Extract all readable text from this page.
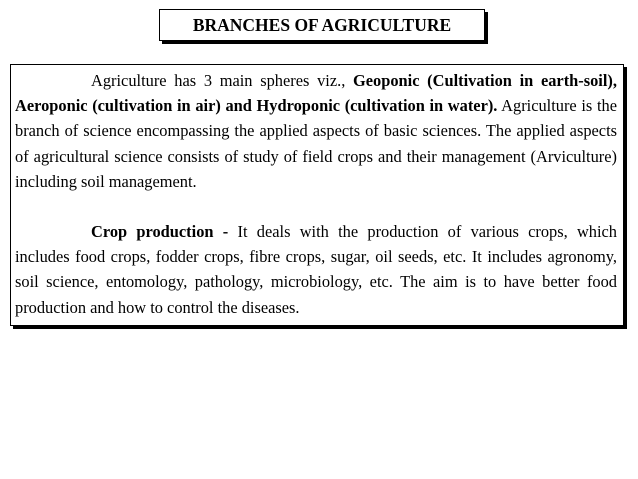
BRANCHES OF AGRICULTURE

Agriculture has 3 main spheres viz., Geoponic (Cultivation in earth-soil), Aeroponic (cultivation in air) and Hydroponic (cultivation in water). Agriculture is the branch of science encompassing the applied aspects of basic sciences. The applied aspects of agricultural science consists of study of field crops and their management (Arviculture) including soil management.

Crop production - It deals with the production of various crops, which includes food crops, fodder crops, fibre crops, sugar, oil seeds, etc. It includes agronomy, soil science, entomology, pathology, microbiology, etc. The aim is to have better food production and how to control the diseases.
